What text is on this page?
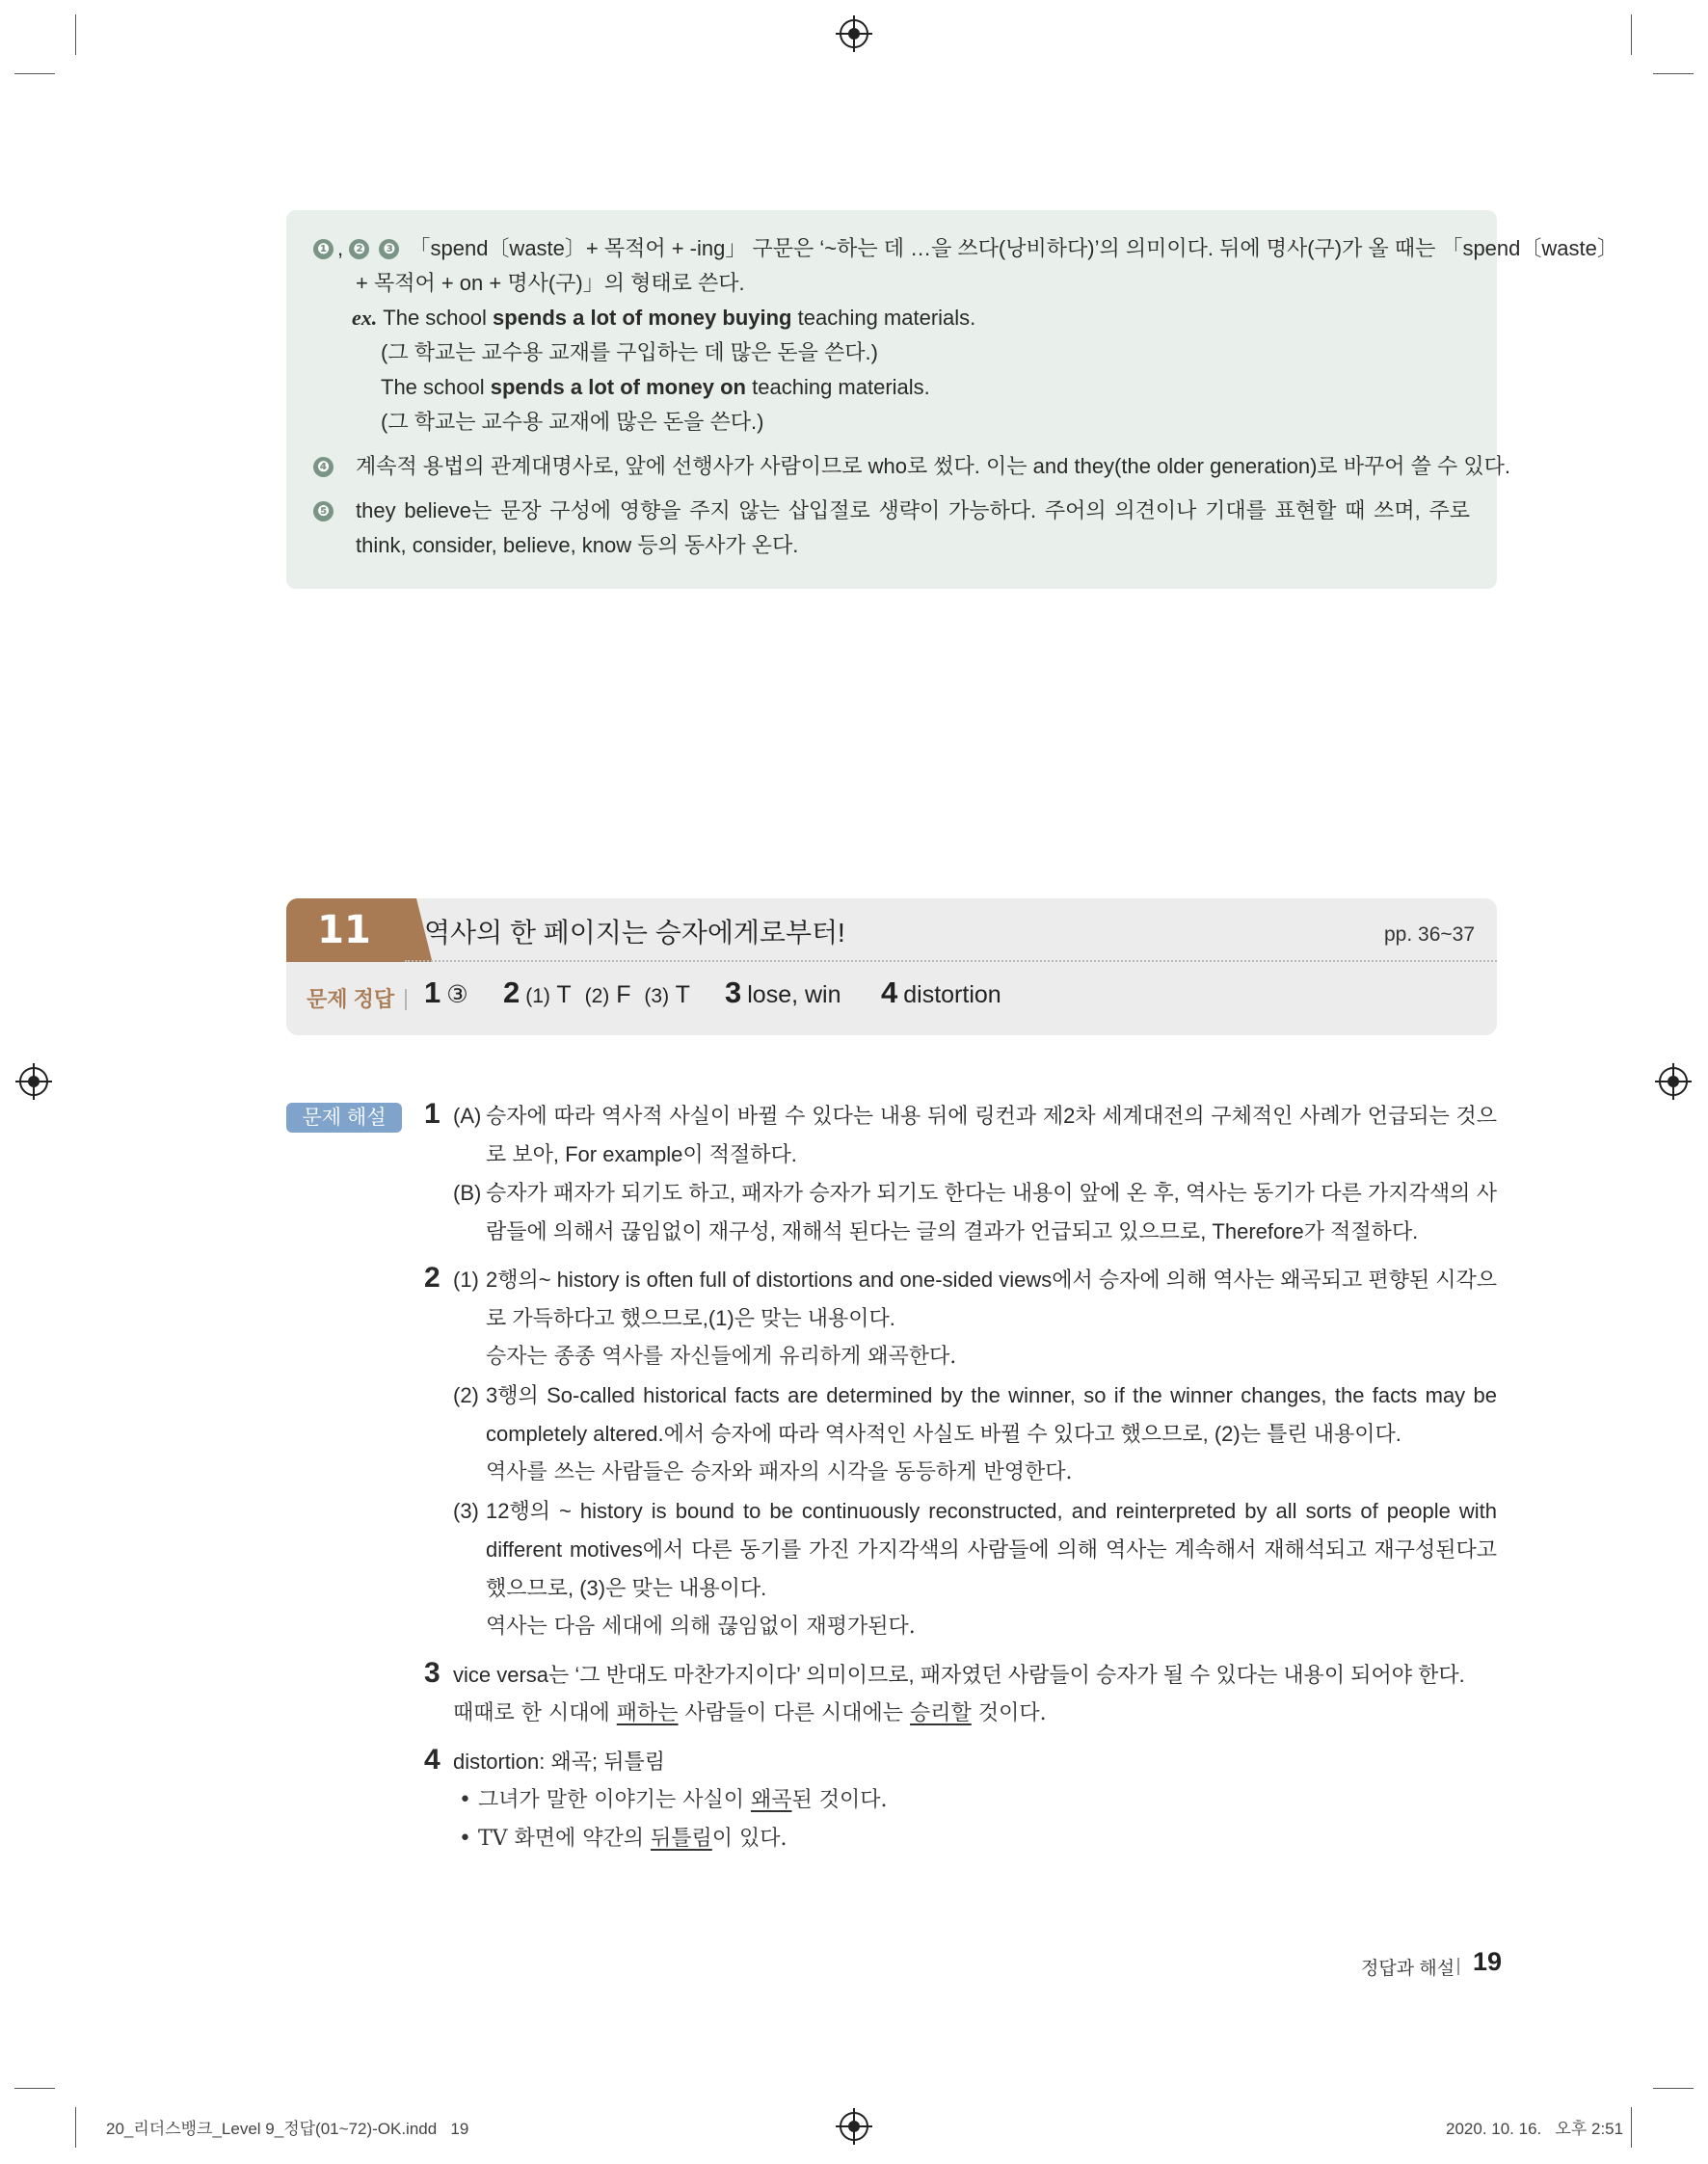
❶ , ❷ ❸ 「spend〔waste〕+ 목적어 + -ing」 구문은 ‘~하는 데 …을 쓰다(낭비하다)’의 의미이다. 뒤에 명사(구)가 올 때는 「spend〔waste〕
+ 목적어 + on + 명사(구)」의 형태로 쓴다.
ex. The school spends a lot of money buying teaching materials.
(그 학교는 교수용 교재를 구입하는 데 많은 돈을 쓴다.)
The school spends a lot of money on teaching materials.
(그 학교는 교수용 교재에 많은 돈을 쓴다.)
❹	계속적 용법의 관계대명사로, 앞에 선행사가 사람이므로 who로 썼다. 이는 and they(the older generation)로 바꾸어 쓸 수 있다.
❺	they believe는 문장 구성에 영향을 주지 않는 삽입절로 생략이 가능하다. 주어의 의견이나 기대를 표현할 때 쓰며, 주로 think, consider, believe, know 등의 동사가 온다.
11	역사의 한 페이지는 승자에게로부터!	pp. 36~37
문제 정답 1 ③ 2 (1) T (2) F (3) T 3 lose, win 4 distortion
문제 해설	1 (A) 승자에 따라 역사적 사실이 바뀔 수 있다는 내용 뒤에 링컨과 제2차 세계대전의 구체적인 사례가 언급되는 것으로 보아, For example이 적절하다.
(B) 승자가 패자가 되기도 하고, 패자가 승자가 되기도 한다는 내용이 앞에 온 후, 역사는 동기가 다른 가지각색의 사람들에 의해서 끊임없이 재구성, 재해석 된다는 글의 결과가 언급되고 있으므로, Therefore가 적절하다.
2 (1) 2행의~ history is often full of distortions and one-sided views에서 승자에 의해 역사는 왜곡되고 편향된 시각으로 가득하다고 했으므로,(1)은 맞는 내용이다.
승자는 종종 역사를 자신들에게 유리하게 왜곡한다.
(2) 3행의 So-called historical facts are determined by the winner, so if the winner changes, the facts may be completely altered.에서 승자에 따라 역사적인 사실도 바뀔 수 있다고 했으므로, (2)는 틀린 내용이다.
역사를 쓰는 사람들은 승자와 패자의 시각을 동등하게 반영한다.
(3) 12행의 ~ history is bound to be continuously reconstructed, and reinterpreted by all sorts of people with different motives에서 다른 동기를 가진 가지각색의 사람들에 의해 역사는 계속해서 재해석되고 재구성된다고 했으므로, (3)은 맞는 내용이다.
역사는 다음 세대에 의해 끊임없이 재평가된다.
3 vice versa는 ‘그 반대도 마찬가지이다’ 의미이므로, 패자였던 사람들이 승자가 될 수 있다는 내용이 되어야 한다.
때때로 한 시대에 패하는 사람들이 다른 시대에는 승리할 것이다.
4 distortion: 왜곡; 뒤틀림
• 그녀가 말한 이야기는 사실이 왜곡된 것이다.
• TV 화면에 약간의 뒤틀림이 있다.
정답과 해설 19
20_리더스뱅크_Level 9_정답(01~72)-OK.indd   19	2020. 10. 16.   오후 2:51
